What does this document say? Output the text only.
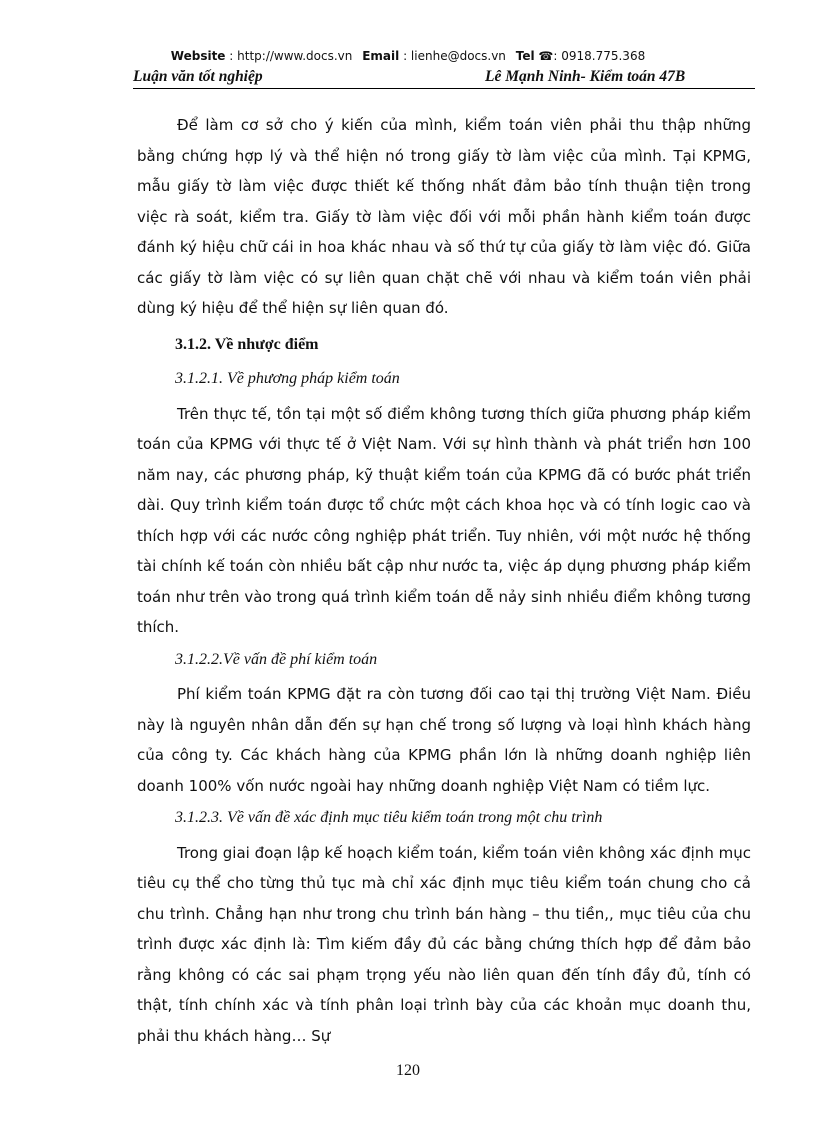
Website : http://www.docs.vn Email : lienhe@docs.vn Tel ☎: 0918.775.368
Luận văn tốt nghiệp	Lê Mạnh Ninh- Kiểm toán 47B

Để làm cơ sở cho ý kiến của mình, kiểm toán viên phải thu thập những bằng chứng hợp lý và thể hiện nó trong giấy tờ làm việc của mình. Tại KPMG, mẫu giấy tờ làm việc được thiết kế thống nhất đảm bảo tính thuận tiện trong việc rà soát, kiểm tra. Giấy tờ làm việc đối với mỗi phần hành kiểm toán được đánh ký hiệu chữ cái in hoa khác nhau và số thứ tự của giấy tờ làm việc đó. Giữa các giấy tờ làm việc có sự liên quan chặt chẽ với nhau và kiểm toán viên phải dùng ký hiệu để thể hiện sự liên quan đó.

3.1.2. Về nhược điểm

3.1.2.1. Về phương pháp kiểm toán

Trên thực tế, tồn tại một số điểm không tương thích giữa phương pháp kiểm toán của KPMG với thực tế ở Việt Nam. Với sự hình thành và phát triển hơn 100 năm nay, các phương pháp, kỹ thuật kiểm toán của KPMG đã có bước phát triển dài. Quy trình kiểm toán được tổ chức một cách khoa học và có tính logic cao và thích hợp với các nước công nghiệp phát triển. Tuy nhiên, với một nước hệ thống tài chính kế toán còn nhiều bất cập như nước ta, việc áp dụng phương pháp kiểm toán như trên vào trong quá trình kiểm toán dễ nảy sinh nhiều điểm không tương thích.

3.1.2.2.Về vấn đề phí kiểm toán

Phí kiểm toán KPMG đặt ra còn tương đối cao tại thị trường Việt Nam. Điều này là nguyên nhân dẫn đến sự hạn chế trong số lượng và loại hình khách hàng của công ty. Các khách hàng của KPMG phần lớn là những doanh nghiệp liên doanh 100% vốn nước ngoài hay những doanh nghiệp Việt Nam có tiềm lực.

3.1.2.3. Về vấn đề xác định mục tiêu kiểm toán trong một chu trình

Trong giai đoạn lập kế hoạch kiểm toán, kiểm toán viên không xác định mục tiêu cụ thể cho từng thủ tục mà chỉ xác định mục tiêu kiểm toán chung cho cả chu trình. Chẳng hạn như trong chu trình bán hàng – thu tiền,, mục tiêu của chu trình được xác định là: Tìm kiếm đầy đủ các bằng chứng thích hợp để đảm bảo rằng không có các sai phạm trọng yếu nào liên quan đến tính đầy đủ, tính có thật, tính chính xác và tính phân loại trình bày của các khoản mục doanh thu, phải thu khách hàng… Sự

120
